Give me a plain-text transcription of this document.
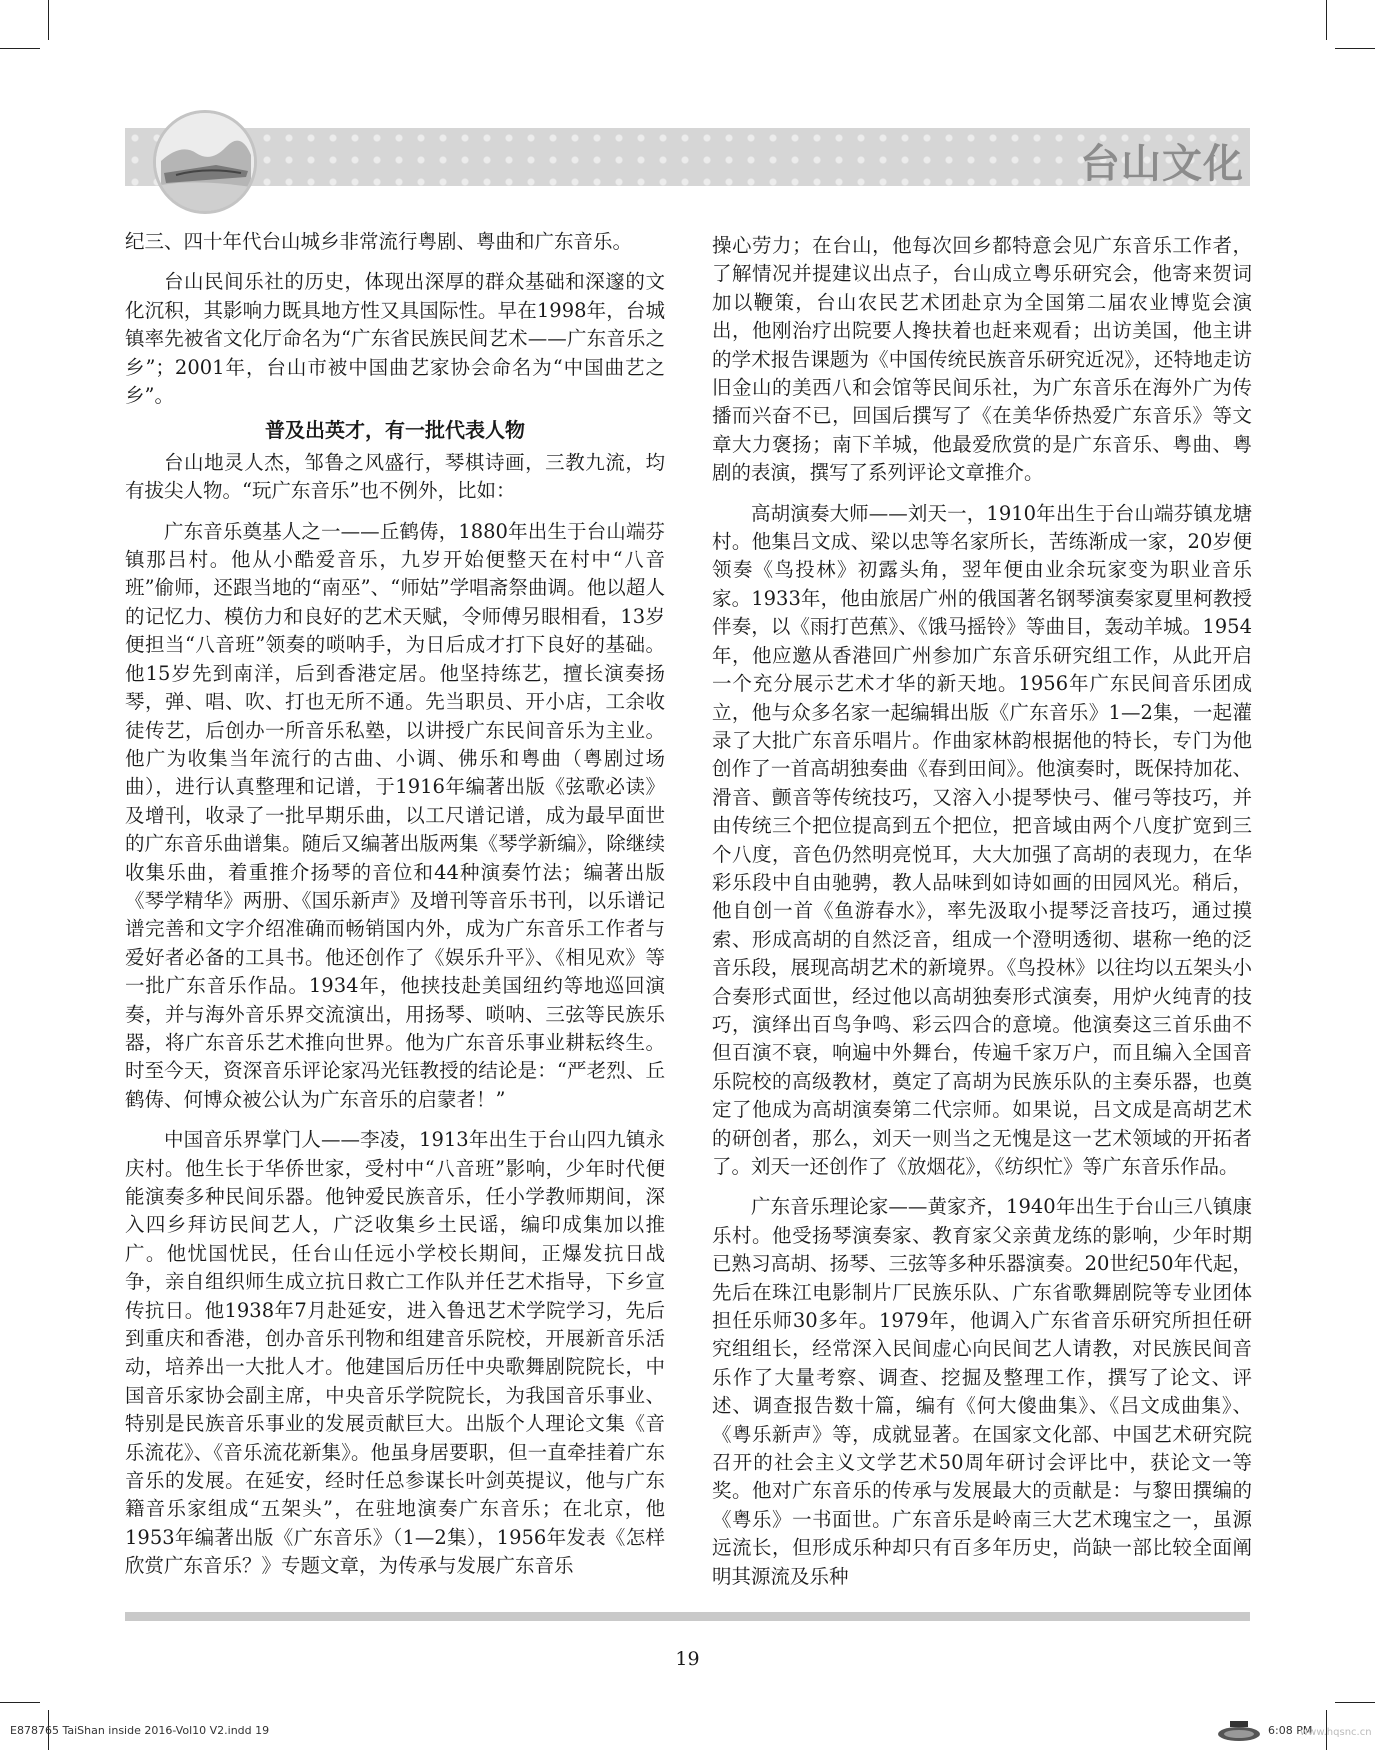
台山文化

纪三、四十年代台山城乡非常流行粤剧、粤曲和广东音乐。

台山民间乐社的历史，体现出深厚的群众基础和深邃的文化沉积，其影响力既具地方性又具国际性。早在1998年，台城镇率先被省文化厅命名为“广东省民族民间艺术——广东音乐之乡”；2001年，台山市被中国曲艺家协会命名为“中国曲艺之乡”。

普及出英才，有一批代表人物

台山地灵人杰，邹鲁之风盛行，琴棋诗画，三教九流，均有拔尖人物。“玩广东音乐”也不例外，比如：

广东音乐奠基人之一——丘鹤俦，1880年出生于台山端芬镇那吕村。他从小酷爱音乐，九岁开始便整天在村中“八音班”偷师，还跟当地的“南巫”、“师姑”学唱斋祭曲调。他以超人的记忆力、模仿力和良好的艺术天赋，令师傅另眼相看，13岁便担当“八音班”领奏的唢呐手，为日后成才打下良好的基础。他15岁先到南洋，后到香港定居。他坚持练艺，擅长演奏扬琴，弹、唱、吹、打也无所不通。先当职员、开小店，工余收徒传艺，后创办一所音乐私塾，以讲授广东民间音乐为主业。他广为收集当年流行的古曲、小调、佛乐和粤曲（粤剧过场曲），进行认真整理和记谱，于1916年编著出版《弦歌必读》及增刊，收录了一批早期乐曲，以工尺谱记谱，成为最早面世的广东音乐曲谱集。随后又编著出版两集《琴学新编》，除继续收集乐曲，着重推介扬琴的音位和44种演奏竹法；编著出版《琴学精华》两册、《国乐新声》及增刊等音乐书刊，以乐谱记谱完善和文字介绍准确而畅销国内外，成为广东音乐工作者与爱好者必备的工具书。他还创作了《娱乐升平》、《相见欢》等一批广东音乐作品。1934年，他挟技赴美国纽约等地巡回演奏，并与海外音乐界交流演出，用扬琴、唢呐、三弦等民族乐器，将广东音乐艺术推向世界。他为广东音乐事业耕耘终生。时至今天，资深音乐评论家冯光钰教授的结论是：“严老烈、丘鹤俦、何博众被公认为广东音乐的启蒙者！”

中国音乐界掌门人——李凌，1913年出生于台山四九镇永庆村。他生长于华侨世家，受村中“八音班”影响，少年时代便能演奏多种民间乐器。他钟爱民族音乐，任小学教师期间，深入四乡拜访民间艺人，广泛收集乡土民谣，编印成集加以推广。他忧国忧民，任台山任远小学校长期间，正爆发抗日战争，亲自组织师生成立抗日救亡工作队并任艺术指导，下乡宣传抗日。他1938年7月赴延安，进入鲁迅艺术学院学习，先后到重庆和香港，创办音乐刊物和组建音乐院校，开展新音乐活动，培养出一大批人才。他建国后历任中央歌舞剧院院长，中国音乐家协会副主席，中央音乐学院院长，为我国音乐事业、特别是民族音乐事业的发展贡献巨大。出版个人理论文集《音乐流花》、《音乐流花新集》。他虽身居要职，但一直牵挂着广东音乐的发展。在延安，经时任总参谋长叶剑英提议，他与广东籍音乐家组成“五架头”，在驻地演奏广东音乐；在北京，他1953年编著出版《广东音乐》（1—2集），1956年发表《怎样欣赏广东音乐？》专题文章，为传承与发展广东音乐

操心劳力；在台山，他每次回乡都特意会见广东音乐工作者，了解情况并提建议出点子，台山成立粤乐研究会，他寄来贺词加以鞭策，台山农民艺术团赴京为全国第二届农业博览会演出，他刚治疗出院要人搀扶着也赶来观看；出访美国，他主讲的学术报告课题为《中国传统民族音乐研究近况》，还特地走访旧金山的美西八和会馆等民间乐社，为广东音乐在海外广为传播而兴奋不已，回国后撰写了《在美华侨热爱广东音乐》等文章大力褒扬；南下羊城，他最爱欣赏的是广东音乐、粤曲、粤剧的表演，撰写了系列评论文章推介。

高胡演奏大师——刘天一，1910年出生于台山端芬镇龙塘村。他集吕文成、梁以忠等名家所长，苦练渐成一家，20岁便领奏《鸟投林》初露头角，翌年便由业余玩家变为职业音乐家。1933年，他由旅居广州的俄国著名钢琴演奏家夏里柯教授伴奏，以《雨打芭蕉》、《饿马摇铃》等曲目，轰动羊城。1954年，他应邀从香港回广州参加广东音乐研究组工作，从此开启一个充分展示艺术才华的新天地。1956年广东民间音乐团成立，他与众多名家一起编辑出版《广东音乐》1—2集，一起灌录了大批广东音乐唱片。作曲家林韵根据他的特长，专门为他创作了一首高胡独奏曲《春到田间》。他演奏时，既保持加花、滑音、颤音等传统技巧，又溶入小提琴快弓、催弓等技巧，并由传统三个把位提高到五个把位，把音域由两个八度扩宽到三个八度，音色仍然明亮悦耳，大大加强了高胡的表现力，在华彩乐段中自由驰骋，教人品味到如诗如画的田园风光。稍后，他自创一首《鱼游春水》，率先汲取小提琴泛音技巧，通过摸索、形成高胡的自然泛音，组成一个澄明透彻、堪称一绝的泛音乐段，展现高胡艺术的新境界。《鸟投林》以往均以五架头小合奏形式面世，经过他以高胡独奏形式演奏，用炉火纯青的技巧，演绎出百鸟争鸣、彩云四合的意境。他演奏这三首乐曲不但百演不衰，响遍中外舞台，传遍千家万户，而且编入全国音乐院校的高级教材，奠定了高胡为民族乐队的主奏乐器，也奠定了他成为高胡演奏第二代宗师。如果说，吕文成是高胡艺术的研创者，那么，刘天一则当之无愧是这一艺术领域的开拓者了。刘天一还创作了《放烟花》，《纺织忙》等广东音乐作品。

广东音乐理论家——黄家齐，1940年出生于台山三八镇康乐村。他受扬琴演奏家、教育家父亲黄龙练的影响，少年时期已熟习高胡、扬琴、三弦等多种乐器演奏。20世纪50年代起，先后在珠江电影制片厂民族乐队、广东省歌舞剧院等专业团体担任乐师30多年。1979年，他调入广东省音乐研究所担任研究组组长，经常深入民间虚心向民间艺人请教，对民族民间音乐作了大量考察、调查、挖掘及整理工作，撰写了论文、评述、调查报告数十篇，编有《何大傻曲集》、《吕文成曲集》、《粤乐新声》等，成就显著。在国家文化部、中国艺术研究院召开的社会主义文学艺术50周年研讨会评比中，获论文一等奖。他对广东音乐的传承与发展最大的贡献是：与黎田撰编的《粤乐》一书面世。广东音乐是岭南三大艺术瑰宝之一，虽源远流长，但形成乐种却只有百多年历史，尚缺一部比较全面阐明其源流及乐种

19
E878765 TaiShan inside 2016-Vol10 V2.indd 19	6:08 PM
www.hqsnc.cn
